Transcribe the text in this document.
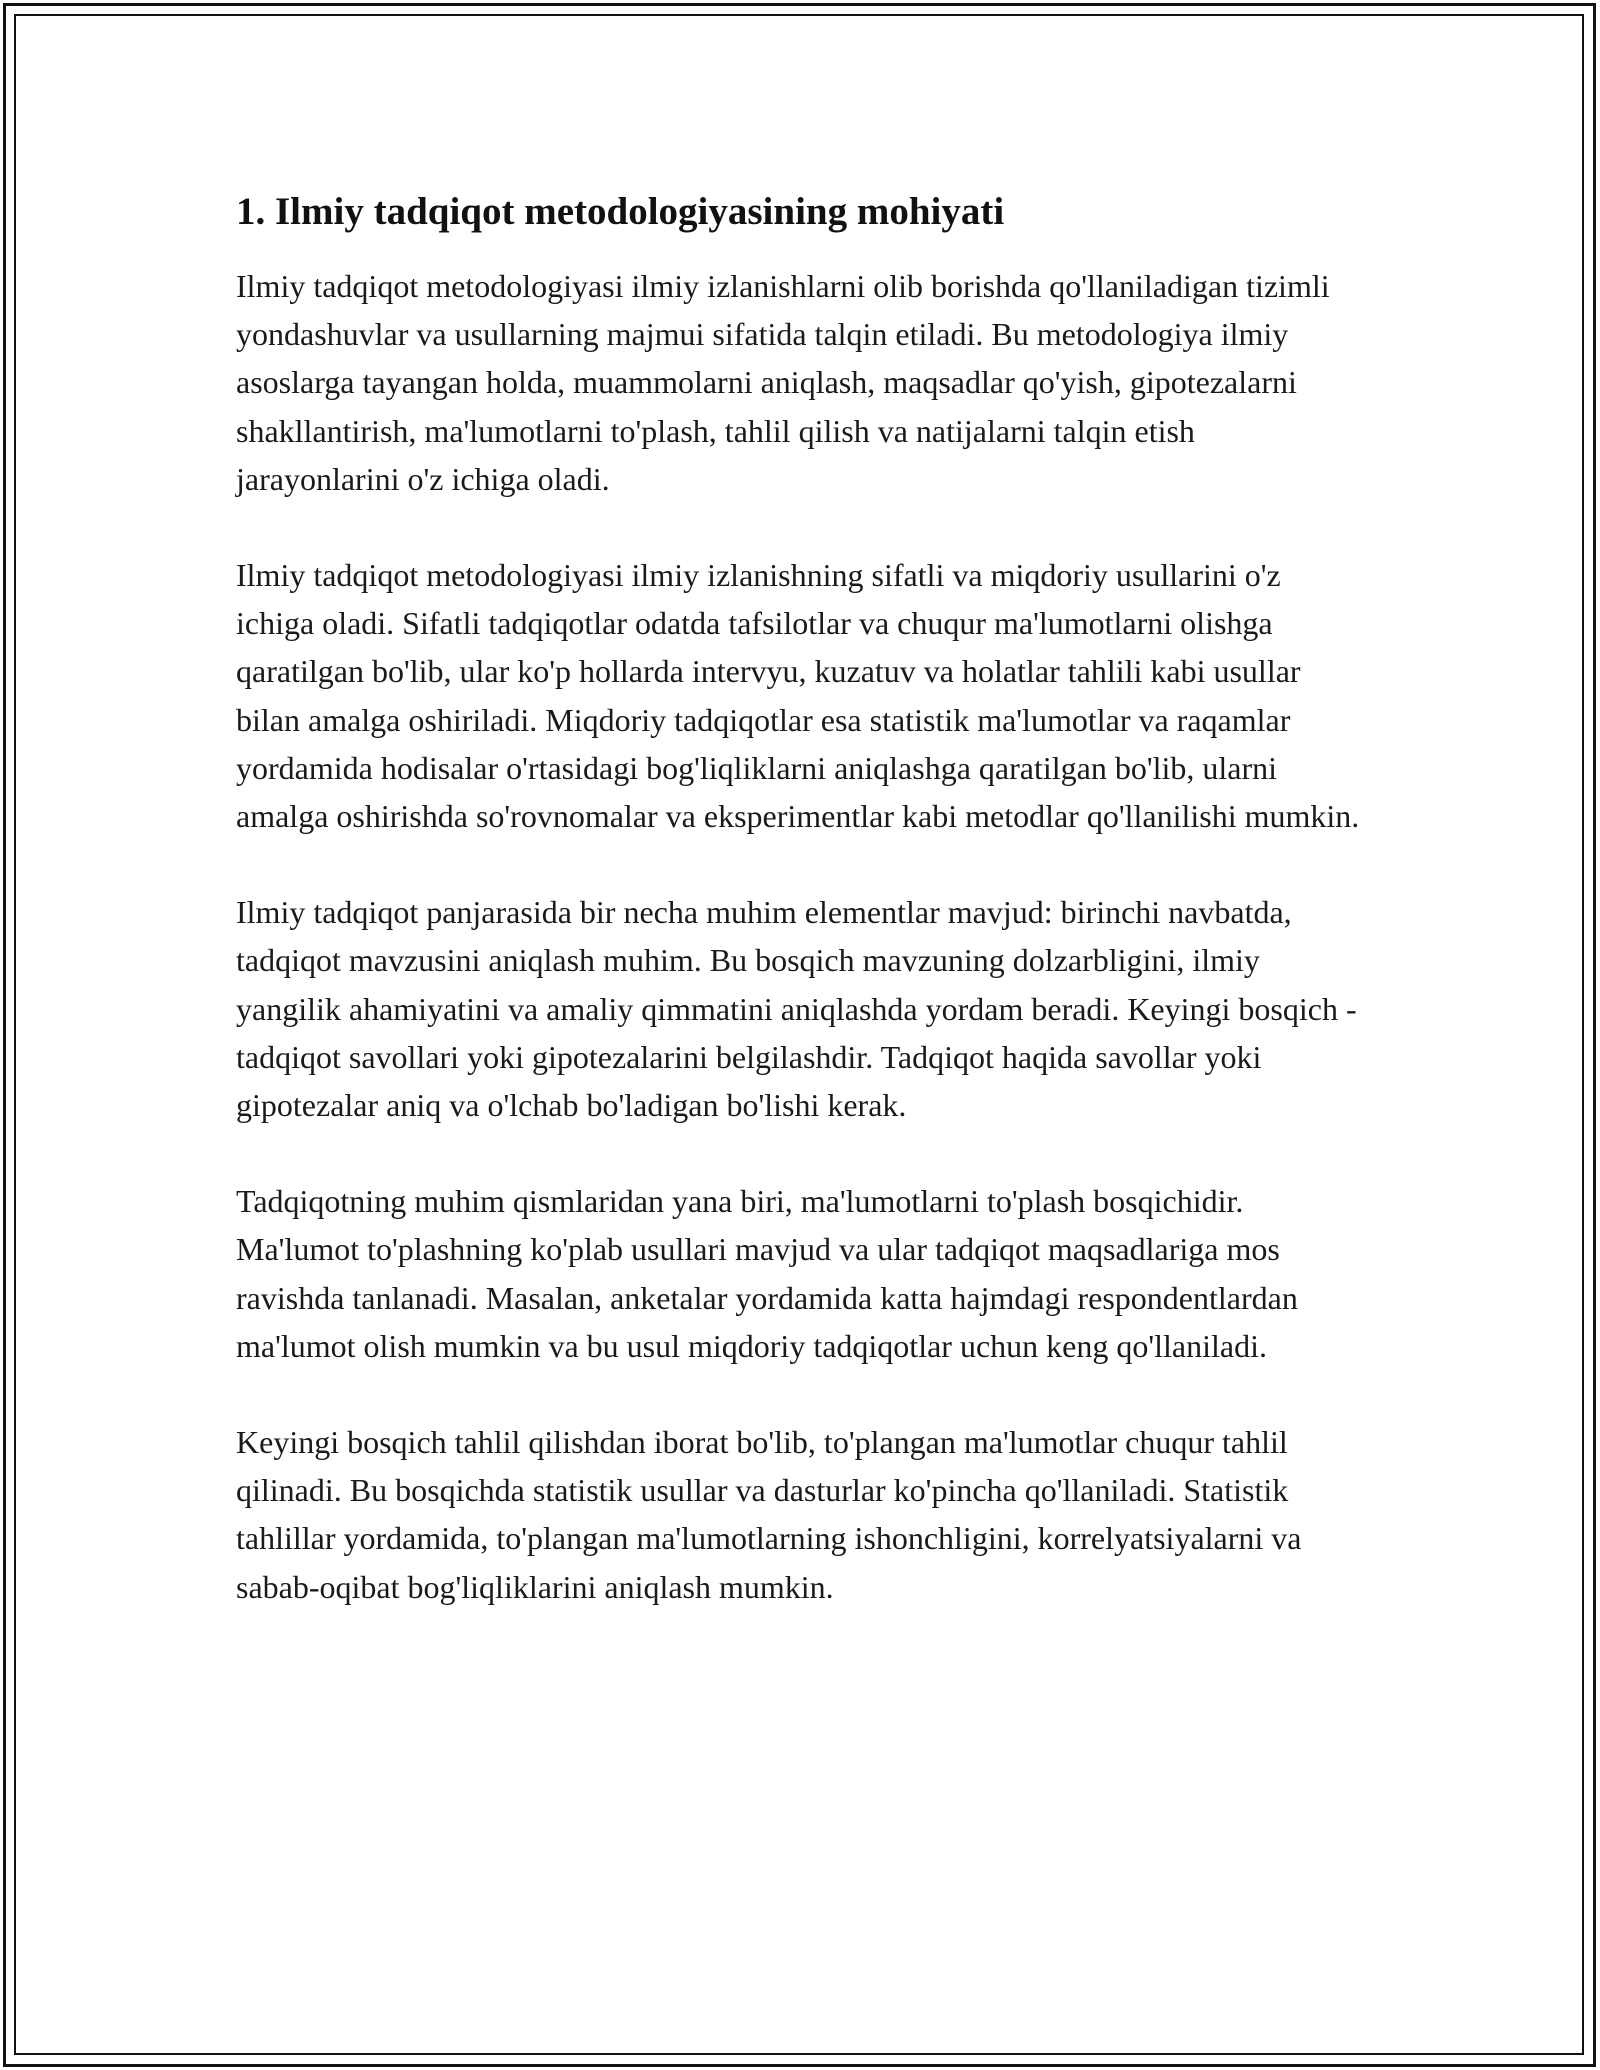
1. Ilmiy tadqiqot metodologiyasining mohiyati

Ilmiy tadqiqot metodologiyasi ilmiy izlanishlarni olib borishda qo'llaniladigan tizimli yondashuvlar va usullarning majmui sifatida talqin etiladi. Bu metodologiya ilmiy asoslarga tayangan holda, muammolarni aniqlash, maqsadlar qo'yish, gipotezalarni shakllantirish, ma'lumotlarni to'plash, tahlil qilish va natijalarni talqin etish jarayonlarini o'z ichiga oladi.

Ilmiy tadqiqot metodologiyasi ilmiy izlanishning sifatli va miqdoriy usullarini o'z ichiga oladi. Sifatli tadqiqotlar odatda tafsilotlar va chuqur ma'lumotlarni olishga qaratilgan bo'lib, ular ko'p hollarda intervyu, kuzatuv va holatlar tahlili kabi usullar bilan amalga oshiriladi. Miqdoriy tadqiqotlar esa statistik ma'lumotlar va raqamlar yordamida hodisalar o'rtasidagi bog'liqliklarni aniqlashga qaratilgan bo'lib, ularni amalga oshirishda so'rovnomalar va eksperimentlar kabi metodlar qo'llanilishi mumkin.

Ilmiy tadqiqot panjarasida bir necha muhim elementlar mavjud: birinchi navbatda, tadqiqot mavzusini aniqlash muhim. Bu bosqich mavzuning dolzarbligini, ilmiy yangilik ahamiyatini va amaliy qimmatini aniqlashda yordam beradi. Keyingi bosqich - tadqiqot savollari yoki gipotezalarini belgilashdir. Tadqiqot haqida savollar yoki gipotezalar aniq va o'lchab bo'ladigan bo'lishi kerak.

Tadqiqotning muhim qismlaridan yana biri, ma'lumotlarni to'plash bosqichidir. Ma'lumot to'plashning ko'plab usullari mavjud va ular tadqiqot maqsadlariga mos ravishda tanlanadi. Masalan, anketalar yordamida katta hajmdagi respondentlardan ma'lumot olish mumkin va bu usul miqdoriy tadqiqotlar uchun keng qo'llaniladi.

Keyingi bosqich tahlil qilishdan iborat bo'lib, to'plangan ma'lumotlar chuqur tahlil qilinadi. Bu bosqichda statistik usullar va dasturlar ko'pincha qo'llaniladi. Statistik tahlillar yordamida, to'plangan ma'lumotlarning ishonchligini, korrelyatsiyalarni va sabab-oqibat bog'liqliklarini aniqlash mumkin.
